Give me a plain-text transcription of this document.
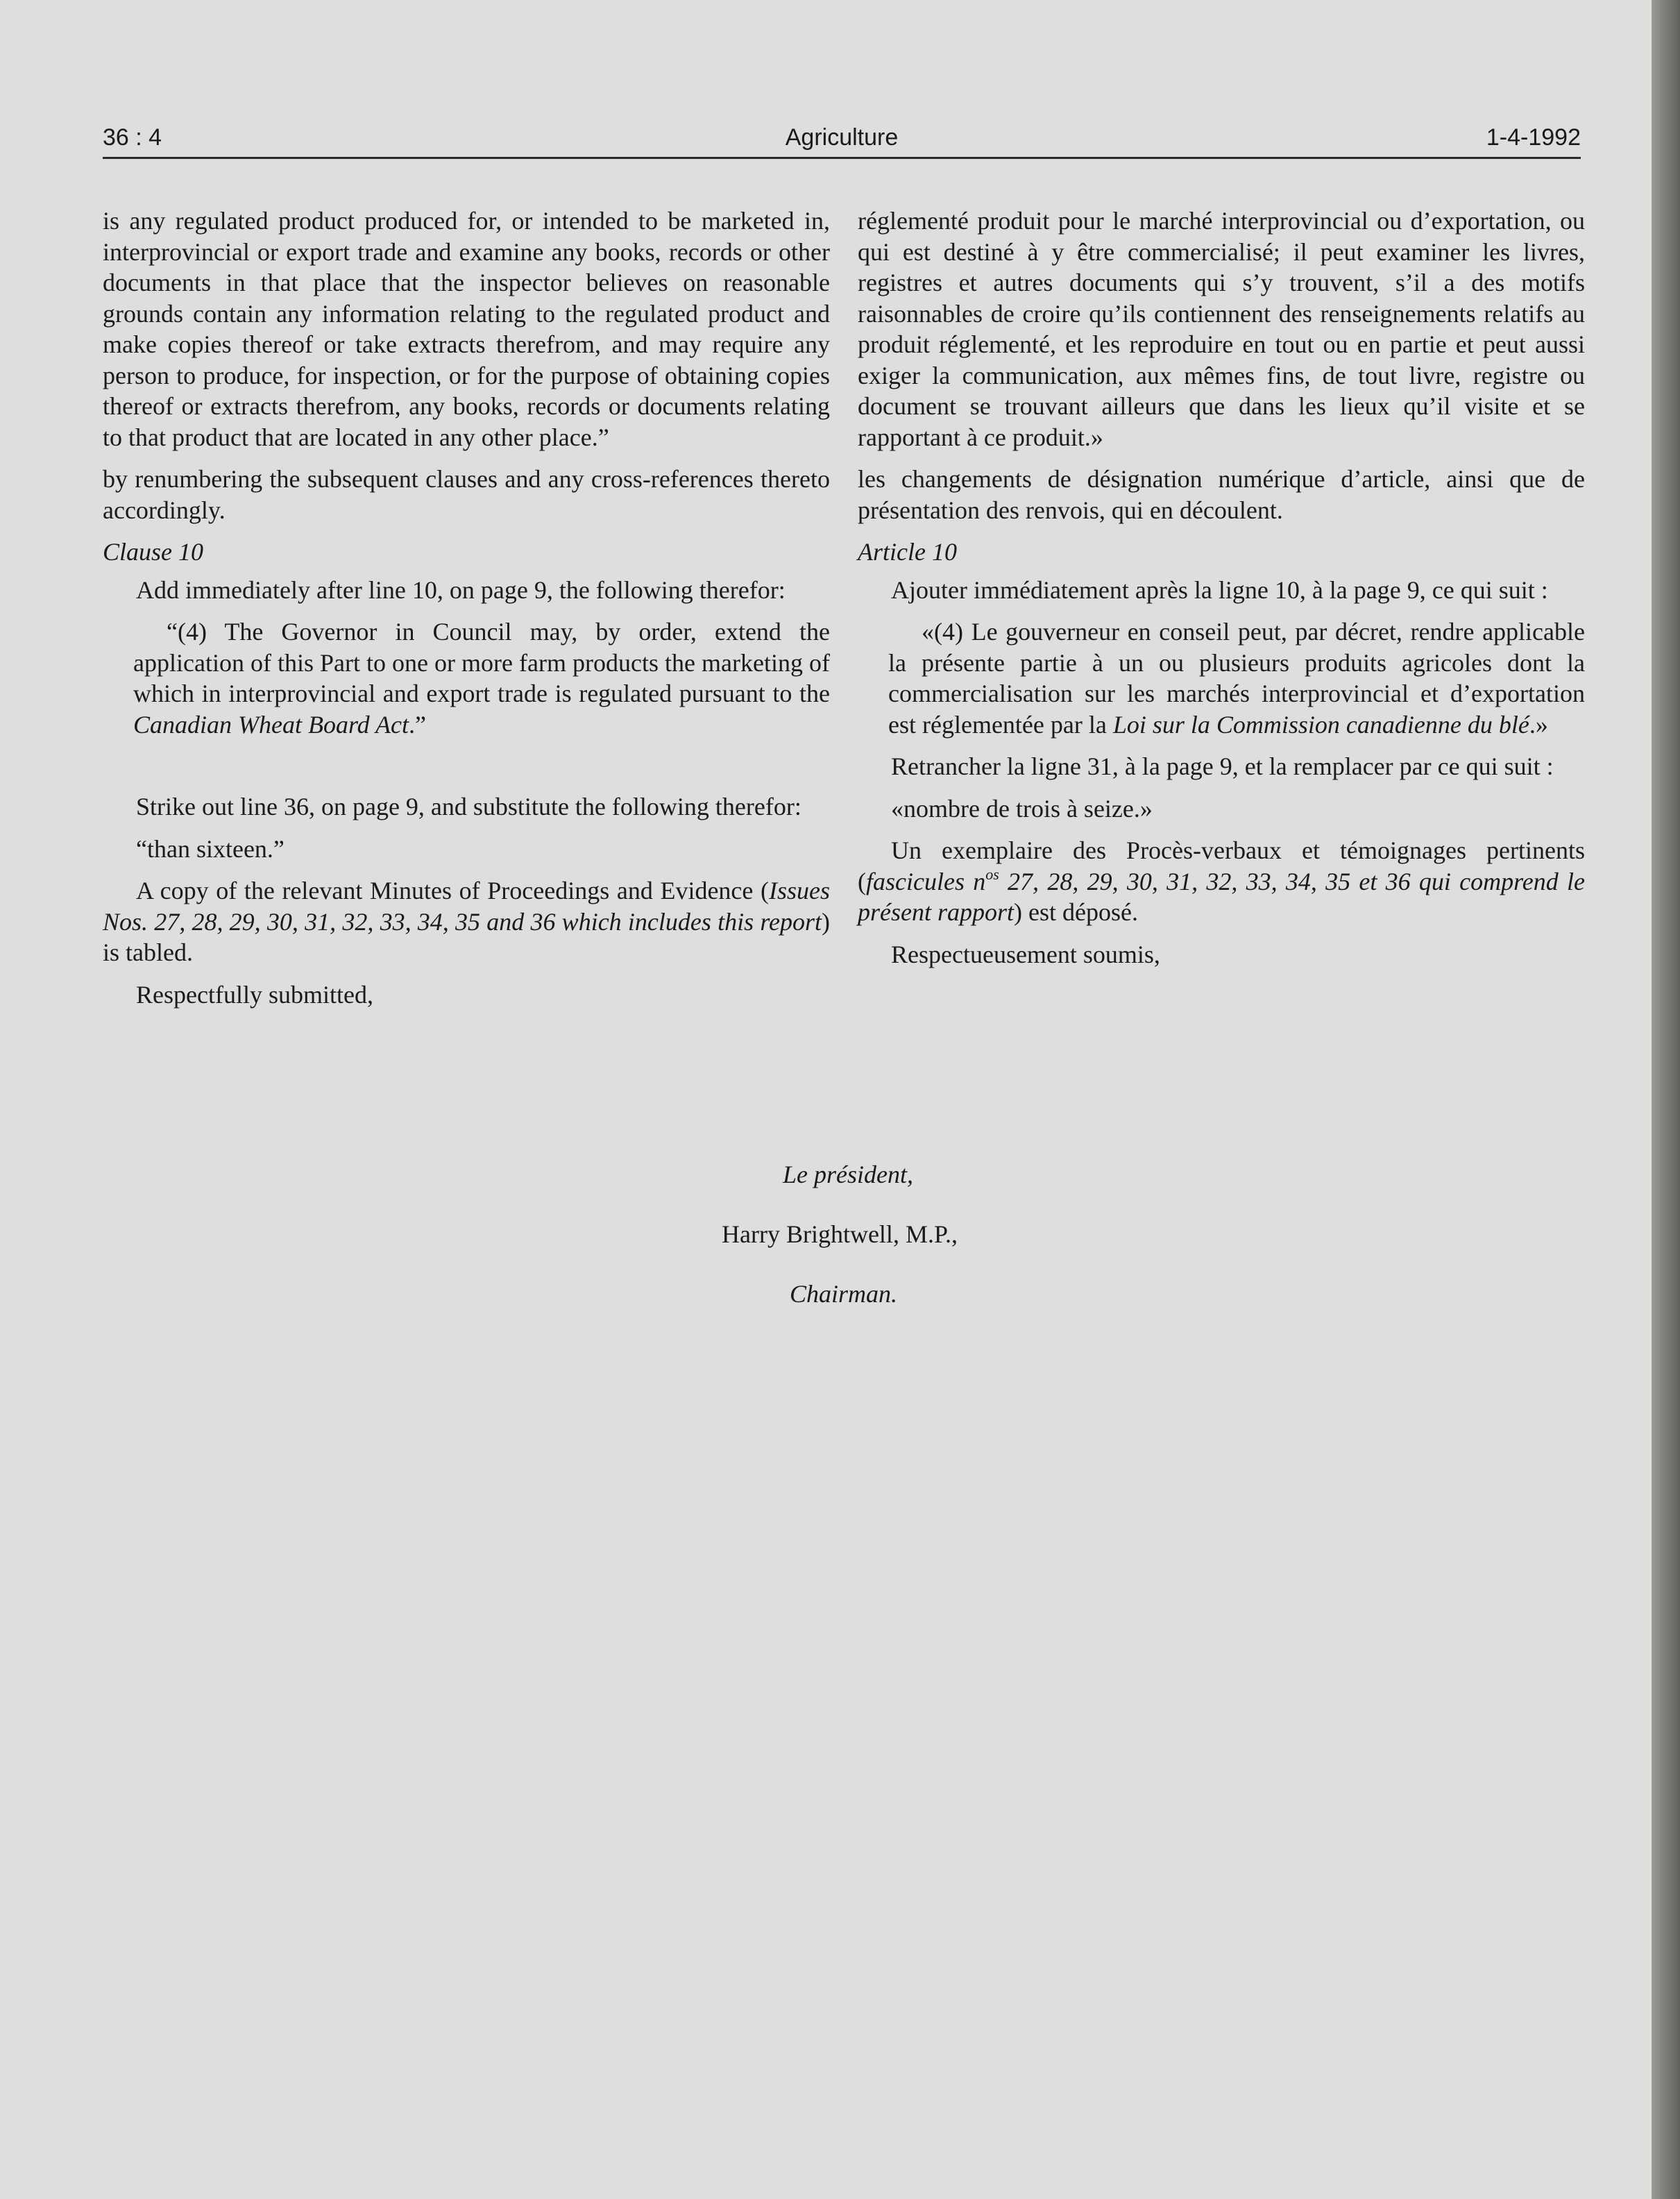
36 : 4	Agriculture	1-4-1992

is any regulated product produced for, or intended to be marketed in, interprovincial or export trade and examine any books, records or other documents in that place that the inspector believes on reasonable grounds contain any information relating to the regulated product and make copies thereof or take extracts therefrom, and may require any person to produce, for inspection, or for the purpose of obtaining copies thereof or extracts therefrom, any books, records or documents relating to that product that are located in any other place.”

by renumbering the subsequent clauses and any cross-references thereto accordingly.

Clause 10

Add immediately after line 10, on page 9, the following therefor:

“(4) The Governor in Council may, by order, extend the application of this Part to one or more farm products the marketing of which in interprovincial and export trade is regulated pursuant to the Canadian Wheat Board Act.”

Strike out line 36, on page 9, and substitute the following therefor:

“than sixteen.”

A copy of the relevant Minutes of Proceedings and Evidence (Issues Nos. 27, 28, 29, 30, 31, 32, 33, 34, 35 and 36 which includes this report) is tabled.

Respectfully submitted,

réglementé produit pour le marché interprovincial ou d’exportation, ou qui est destiné à y être commercialisé; il peut examiner les livres, registres et autres documents qui s’y trouvent, s’il a des motifs raisonnables de croire qu’ils contiennent des renseignements relatifs au produit réglementé, et les reproduire en tout ou en partie et peut aussi exiger la communication, aux mêmes fins, de tout livre, registre ou document se trouvant ailleurs que dans les lieux qu’il visite et se rapportant à ce produit.»

les changements de désignation numérique d’article, ainsi que de présentation des renvois, qui en découlent.

Article 10

Ajouter immédiatement après la ligne 10, à la page 9, ce qui suit :

«(4) Le gouverneur en conseil peut, par décret, rendre applicable la présente partie à un ou plusieurs produits agricoles dont la commercialisation sur les marchés interprovincial et d’exportation est réglementée par la Loi sur la Commission canadienne du blé.»

Retrancher la ligne 31, à la page 9, et la remplacer par ce qui suit :

«nombre de trois à seize.»

Un exemplaire des Procès-verbaux et témoignages pertinents (fascicules $n^{os}$ 27, 28, 29, 30, 31, 32, 33, 34, 35 et 36 qui comprend le présent rapport) est déposé.

Respectueusement soumis,

Le président,
Harry Brightwell, M.P.,
Chairman.
